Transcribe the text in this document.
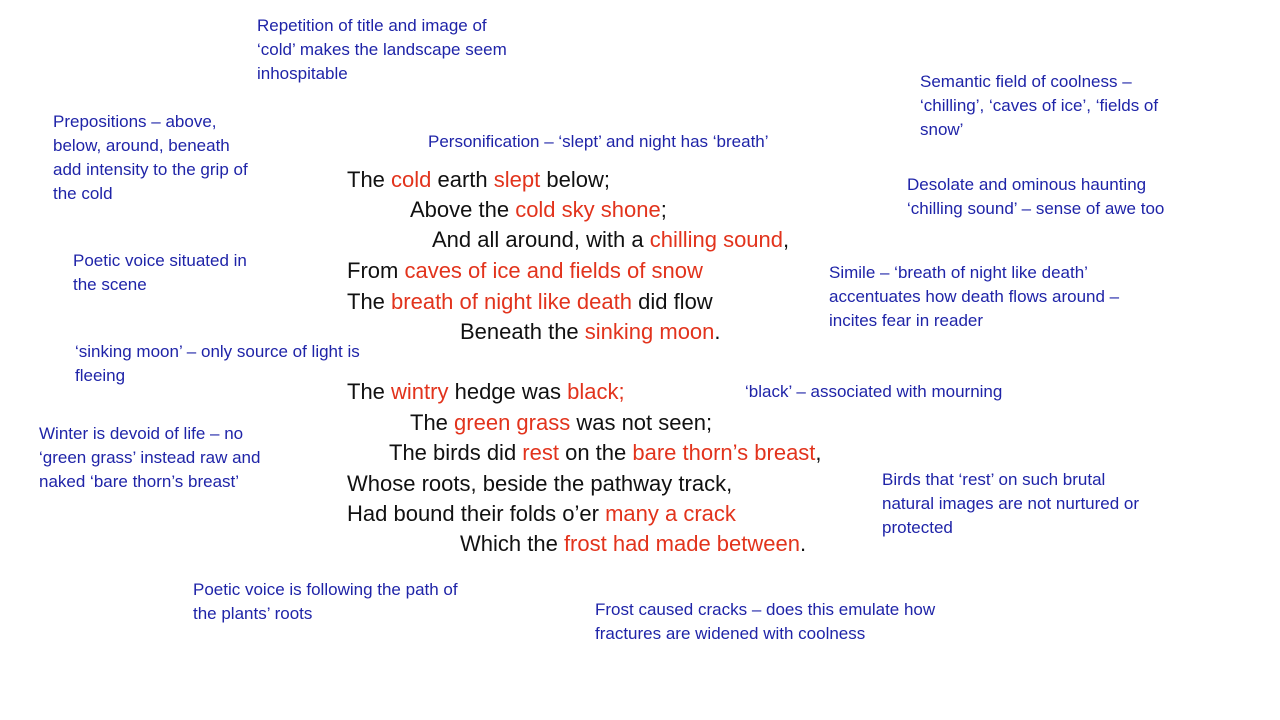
Repetition of title and image of
‘cold’ makes the landscape seem
inhospitable	Semantic field of coolness –
‘chilling’, ‘caves of ice’, ‘fields of
snow’
Prepositions – above,
below, around, beneath
add intensity to the grip of
the cold
Personification – ‘slept’ and night has ‘breath’
Desolate and ominous haunting
‘chilling sound’ – sense of awe too
Poetic voice situated in
the scene
Simile – ‘breath of night like death’
accentuates how death flows around –
incites fear in reader
‘sinking moon’ – only source of light is
fleeing
‘black’ – associated with mourning
Winter is devoid of life – no
‘green grass’ instead raw and
naked ‘bare thorn’s breast’	Birds that ‘rest’ on such brutal
natural images are not nurtured or
protected
Poetic voice is following the path of
the plants’ roots	Frost caused cracks – does this emulate how
fractures are widened with coolness

The cold earth slept below;

Above the cold sky shone;

And all around, with a chilling sound,

From caves of ice and fields of snow

The breath of night like death did flow

Beneath the sinking moon.

The wintry hedge was black;

The green grass was not seen;

The birds did rest on the bare thorn’s breast,

Whose roots, beside the pathway track,

Had bound their folds o’er many a crack

Which the frost had made between.
